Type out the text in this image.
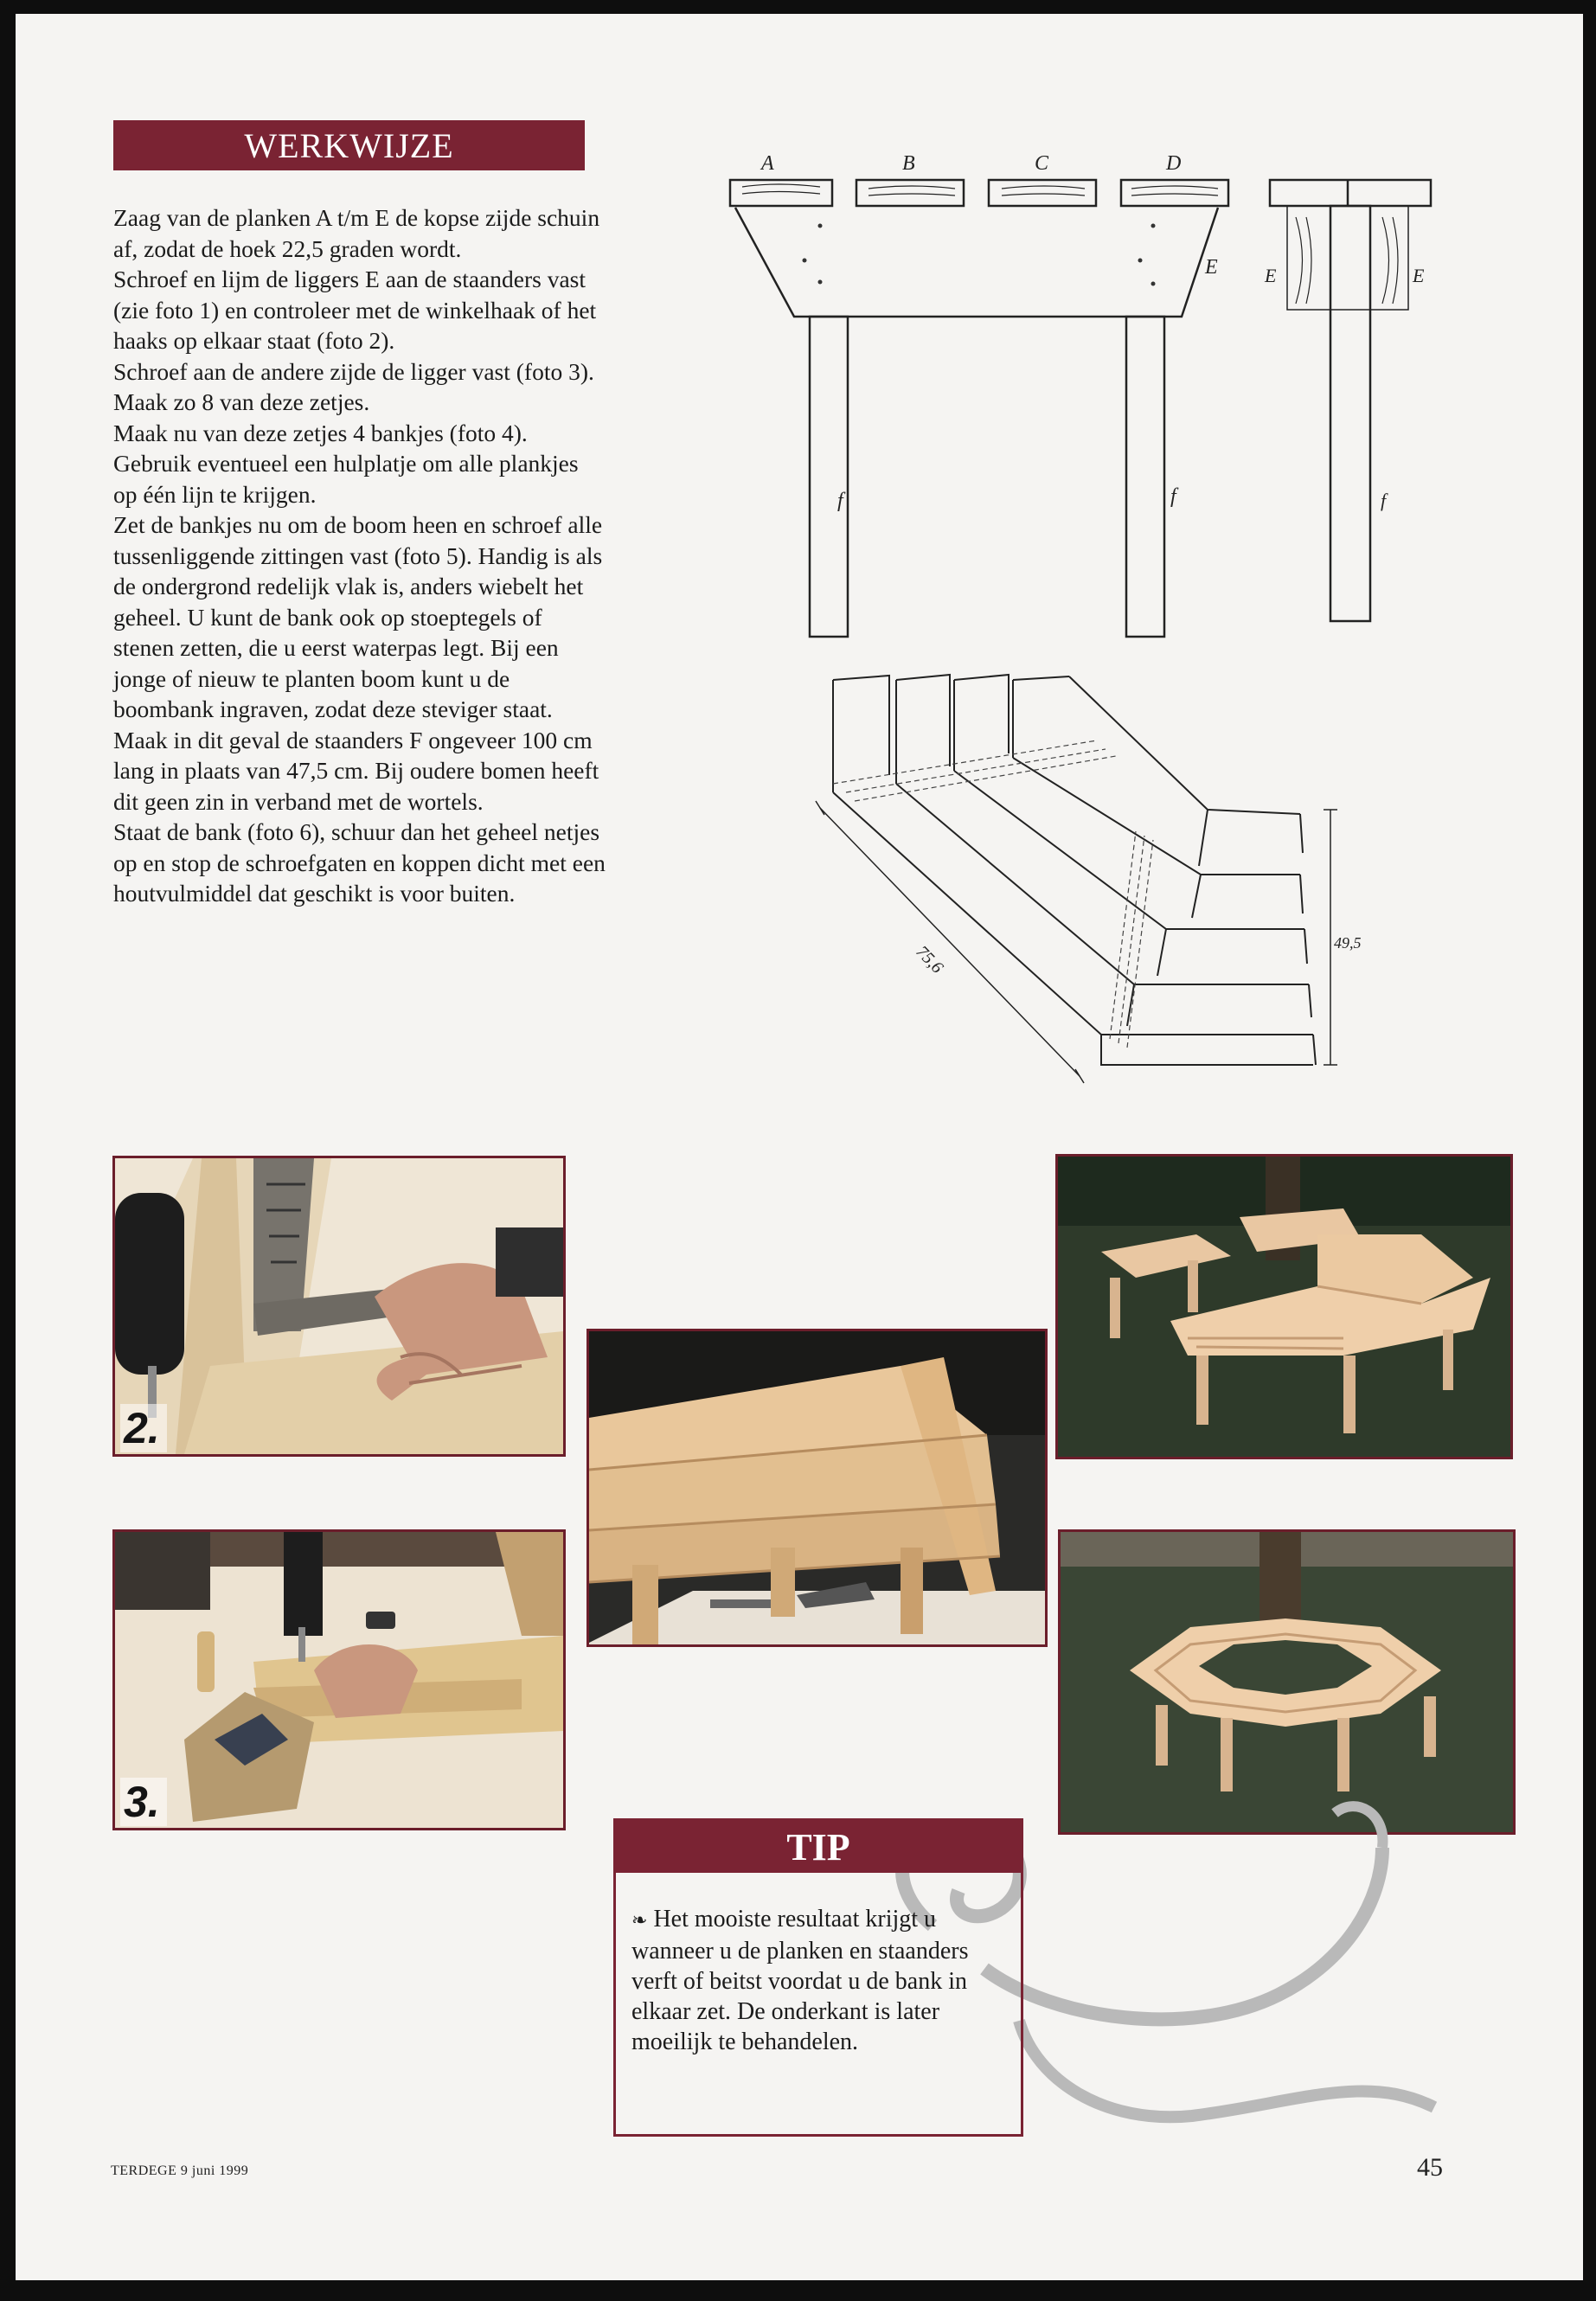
WERKWIJZE

Zaag van de planken A t/m E de kopse zijde schuin af, zodat de hoek 22,5 graden wordt.

Schroef en lijm de liggers E aan de staanders vast (zie foto 1) en controleer met de winkelhaak of het haaks op elkaar staat (foto 2).

Schroef aan de andere zijde de ligger vast (foto 3). Maak zo 8 van deze zetjes.

Maak nu van deze zetjes 4 bankjes (foto 4). Gebruik eventueel een hulplatje om alle plankjes op één lijn te krijgen.

Zet de bankjes nu om de boom heen en schroef alle tussenliggende zittingen vast (foto 5). Handig is als de ondergrond redelijk vlak is, anders wiebelt het geheel. U kunt de bank ook op stoeptegels of stenen zetten, die u eerst waterpas legt. Bij een jonge of nieuw te planten boom kunt u de boombank ingraven, zodat deze steviger staat. Maak in dit geval de staanders F ongeveer 100 cm lang in plaats van 47,5 cm. Bij oudere bomen heeft dit geen zin in verband met de wortels.

Staat de bank (foto 6), schuur dan het geheel netjes op en stop de schroefgaten en koppen dicht met een houtvulmiddel dat geschikt is voor buiten.

A	B	C	D
E
f	f
E	E
f
75,6	49,5
2.
3.
TIP
❧ Het mooiste resultaat krijgt u wanneer u de planken en staanders verft of beitst voordat u de bank in elkaar zet. De onderkant is later moeilijk te behandelen.
TERDEGE 9 juni 1999	45
